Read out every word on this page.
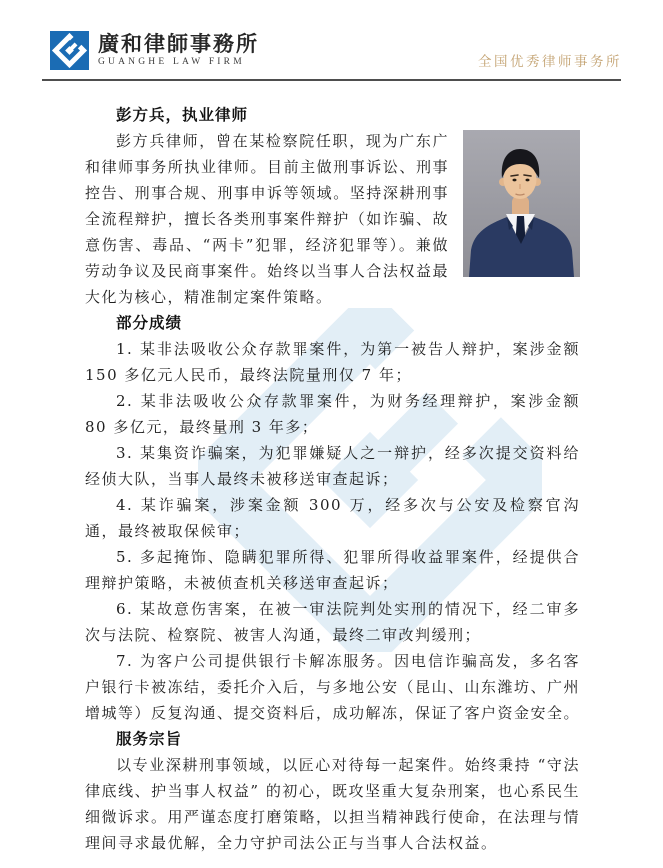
廣和律師事務所
GUANGHE LAW FIRM	全国优秀律师事务所
彭方兵，执业律师

彭方兵律师，曾在某检察院任职，现为广东广和律师事务所执业律师。目前主做刑事诉讼、刑事控告、刑事合规、刑事申诉等领域。坚持深耕刑事全流程辩护，擅长各类刑事案件辩护（如诈骗、故意伤害、毒品、“两卡”犯罪，经济犯罪等）。兼做劳动争议及民商事案件。始终以当事人合法权益最大化为核心，精准制定案件策略。

部分成绩

1. 某非法吸收公众存款罪案件，为第一被告人辩护，案涉金额 150 多亿元人民币，最终法院量刑仅 7 年；

2. 某非法吸收公众存款罪案件，为财务经理辩护，案涉金额 80 多亿元，最终量刑 3 年多；

3. 某集资诈骗案，为犯罪嫌疑人之一辩护，经多次提交资料给经侦大队，当事人最终未被移送审查起诉；

4. 某诈骗案，涉案金额 300 万，经多次与公安及检察官沟通，最终被取保候审；

5. 多起掩饰、隐瞒犯罪所得、犯罪所得收益罪案件，经提供合理辩护策略，未被侦查机关移送审查起诉；

6. 某故意伤害案，在被一审法院判处实刑的情况下，经二审多次与法院、检察院、被害人沟通，最终二审改判缓刑；

7. 为客户公司提供银行卡解冻服务。因电信诈骗高发，多名客户银行卡被冻结，委托介入后，与多地公安（昆山、山东潍坊、广州增城等）反复沟通、提交资料后，成功解冻，保证了客户资金安全。

服务宗旨

以专业深耕刑事领域，以匠心对待每一起案件。始终秉持 “守法律底线、护当事人权益” 的初心，既攻坚重大复杂刑案，也心系民生细微诉求。用严谨态度打磨策略，以担当精神践行使命，在法理与情理间寻求最优解，全力守护司法公正与当事人合法权益。
